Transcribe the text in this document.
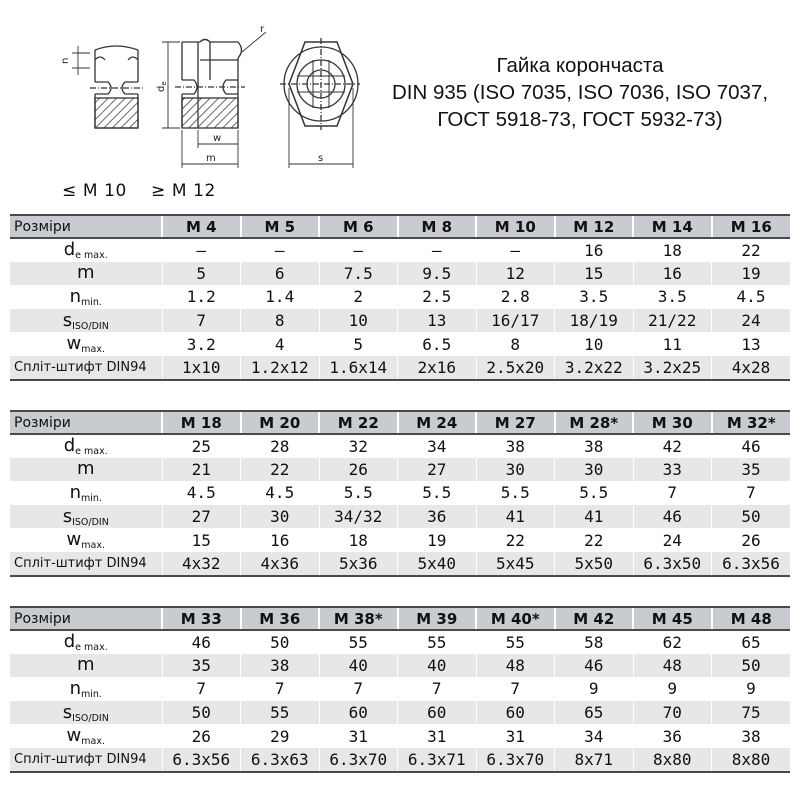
n
$d_e$
r
w
m	s
Гайка корончаста
DIN 935 (ISO 7035, ISO 7036, ISO 7037,
ГОСТ 5918-73, ГОСТ 5932-73)
≤ M 10 ≥ M 12
Розміри	M 4	M 5	M 6	M 8	M 10	M 12	M 14	M 16
$d_{e max.}$	–	–	–	–	–	16	18	22
m	5	6	7.5	9.5	12	15	16	19
$n_{min.}$	1.2	1.4	2	2.5	2.8	3.5	3.5	4.5
$s_{ISO/DIN}$	7	8	10	13	16/17	18/19	21/22	24
$w_{max.}$	3.2	4	5	6.5	8	10	11	13
Спліт-штифт DIN94	1x10	1.2x12	1.6x14	2x16	2.5x20	3.2x22	3.2x25	4x28
Розміри	M 18	M 20	M 22	M 24	M 27	M 28*	M 30	M 32*
$d_{e max.}$	25	28	32	34	38	38	42	46
m	21	22	26	27	30	30	33	35
$n_{min.}$	4.5	4.5	5.5	5.5	5.5	5.5	7	7
$s_{ISO/DIN}$	27	30	34/32	36	41	41	46	50
$w_{max.}$	15	16	18	19	22	22	24	26
Спліт-штифт DIN94	4x32	4x36	5x36	5x40	5x45	5x50	6.3x50	6.3x56
Розміри	M 33	M 36	M 38*	M 39	M 40*	M 42	M 45	M 48
$d_{e max.}$	46	50	55	55	55	58	62	65
m	35	38	40	40	48	46	48	50
$n_{min.}$	7	7	7	7	7	9	9	9
$s_{ISO/DIN}$	50	55	60	60	60	65	70	75
$w_{max.}$	26	29	31	31	31	34	36	38
Спліт-штифт DIN94	6.3x56	6.3x63	6.3x70	6.3x71	6.3x70	8x71	8x80	8x80
